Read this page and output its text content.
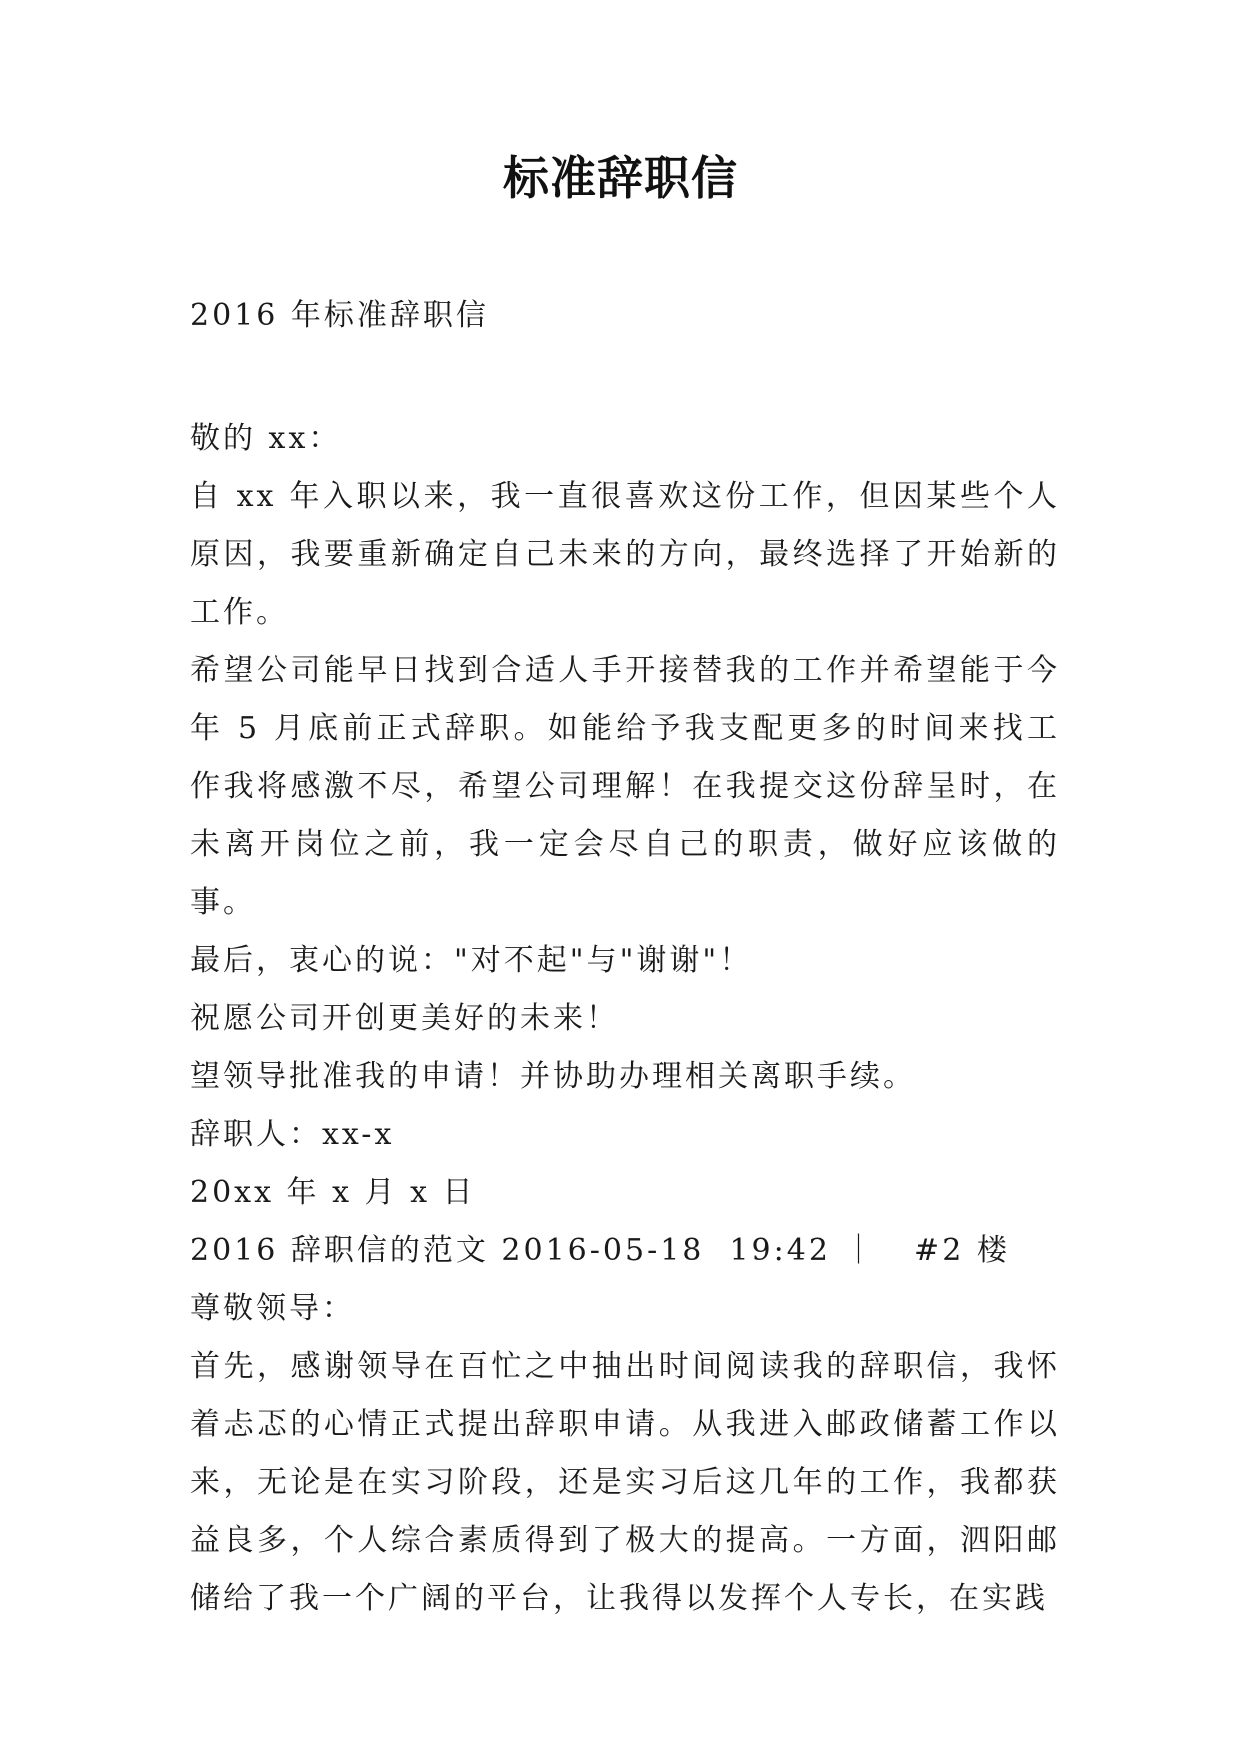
标准辞职信
2016 年标准辞职信

敬的 xx：

自 xx 年入职以来，我一直很喜欢这份工作，但因某些个人原因，我要重新确定自己未来的方向，最终选择了开始新的工作。

希望公司能早日找到合适人手开接替我的工作并希望能于今年 5 月底前正式辞职。如能给予我支配更多的时间来找工作我将感激不尽，希望公司理解！在我提交这份辞呈时，在未离开岗位之前，我一定会尽自己的职责，做好应该做的事。

最后，衷心的说："对不起"与"谢谢"！

祝愿公司开创更美好的未来！

望领导批准我的申请！并协助办理相关离职手续。

辞职人：xx-x

20xx 年 x 月 x 日

2016 辞职信的范文 2016-05-18  19:42 ｜   #2 楼

尊敬领导：

首先，感谢领导在百忙之中抽出时间阅读我的辞职信，我怀着忐忑的心情正式提出辞职申请。从我进入邮政储蓄工作以来，无论是在实习阶段，还是实习后这几年的工作，我都获益良多，个人综合素质得到了极大的提高。一方面，泗阳邮储给了我一个广阔的平台，让我得以发挥个人专长，在实践
